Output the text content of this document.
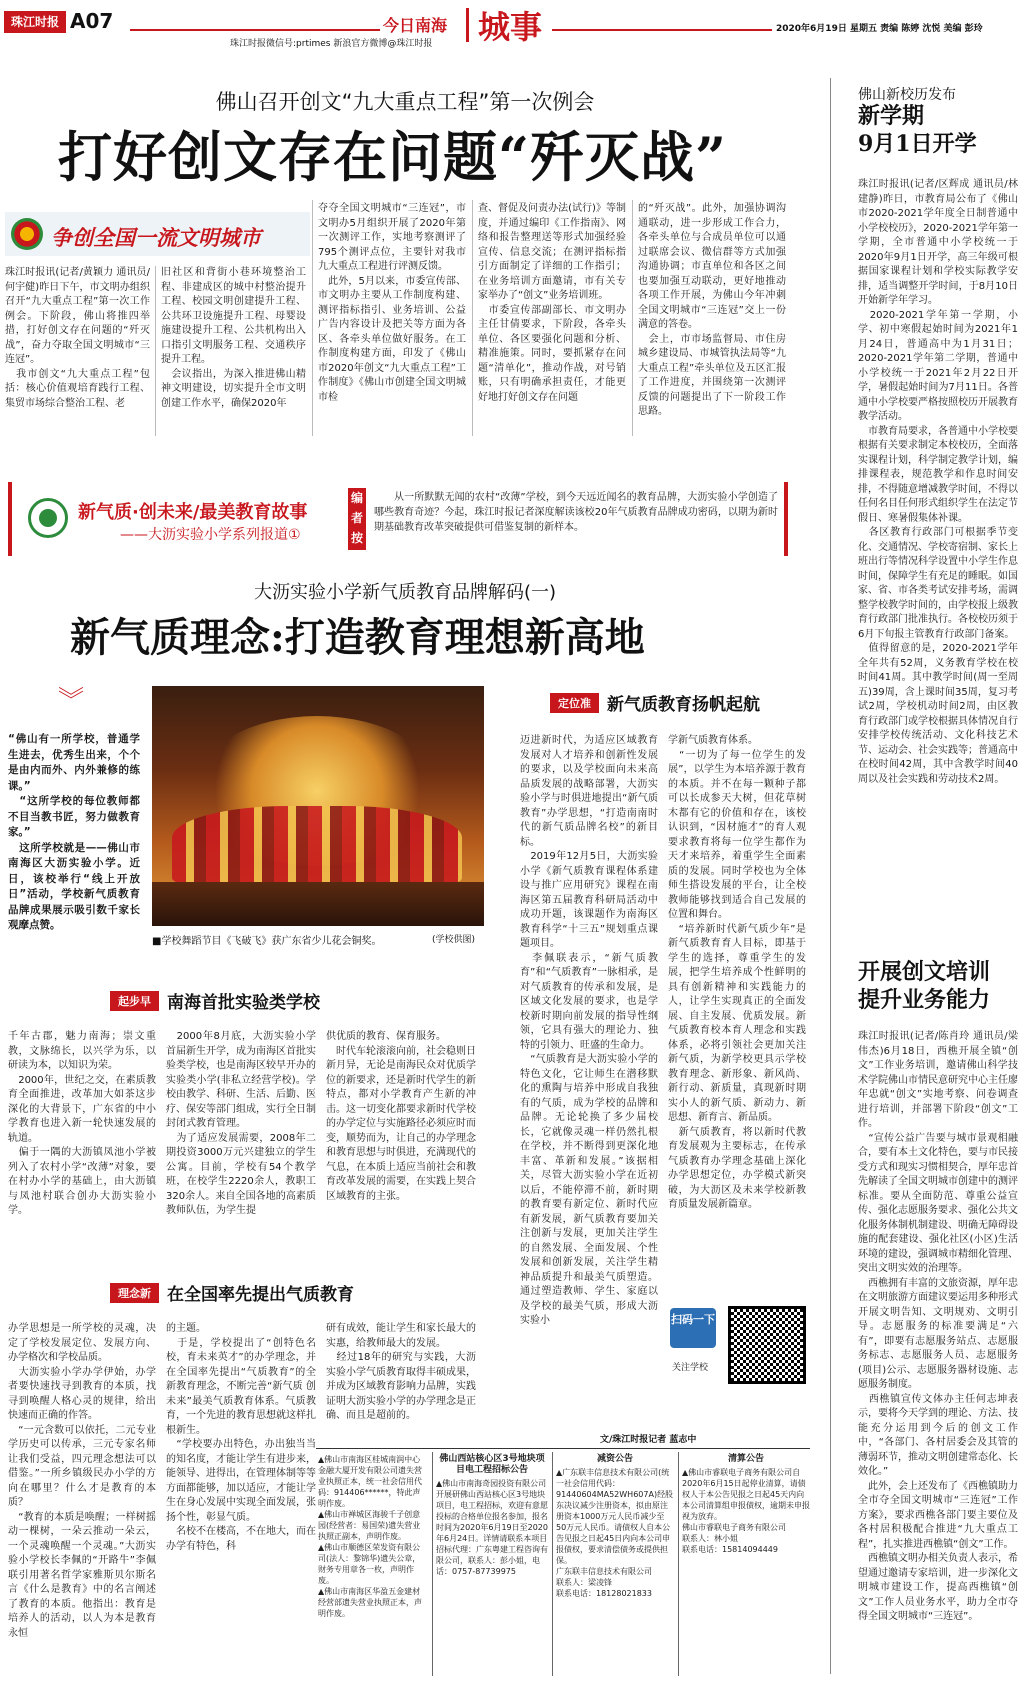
珠江时报 A07
珠江时报微信号:prtimes 新浪官方微博@珠江时报
今日南海 城事	2020年6月19日 星期五 责编 陈婷 沈悦 美编 彭玲
佛山召开创文“九大重点工程”第一次例会
打好创文存在问题“歼灭战”
争创全国一流文明城市
珠江时报讯(记者/黄颖力 通讯员/何宇健)昨日下午，市文明办组织召开“九大重点工程”第一次工作例会。下阶段，佛山将推四举措，打好创文存在问题的“歼灭战”，奋力夺取全国文明城市“三连冠”。
　我市创文“九大重点工程”包括：核心价值观培育践行工程、集贸市场综合整治工程、老
旧社区和背街小巷环境整治工程、非建成区的城中村整治提升工程、校园文明创建提升工程、公共环卫设施提升工程、母婴设施建设提升工程、公共机构出入口指引文明服务工程、交通秩序提升工程。
　会议指出，为深入推进佛山精神文明建设，切实提升全市文明创建工作水平，确保2020年
夺夺全国文明城市“三连冠”，市文明办5月组织开展了2020年第一次测评工作，实地考察测评了795个测评点位，主要针对我市九大重点工程进行评测反馈。
　此外，5月以来，市委宣传部、市文明办主要从工作制度构建、测评指标指引、业务培训、公益广告内容设计及把关等方面为各区、各牵头单位做好服务。在工作制度构建方面，印发了《佛山市2020年创文“九大重点工程”工作制度》《佛山市创建全国文明城市检
查、督促及问责办法(试行)》等制度，并通过编印《工作指南》、网络和报告整理送等形式加强经验宣传、信息交流；在测评指标指引方面制定了详细的工作指引；在业务培训方面邀请，市有关专家举办了“创文”业务培训班。
　市委宣传部副部长、市文明办主任甘倩要求，下阶段，各牵头单位、各区要强化问题和分析、精准施策。同时，要抓紧存在问题“清单化”，推动作战，对号销账，只有明确承担责任，才能更好地打好创文存在问题
的“歼灭战”。此外，加强协调沟通联动，进一步形成工作合力，各牵头单位与合成员单位可以通过联席会议、微信群等方式加强沟通协调；市直单位和各区之间也要加强互动联动，更好地推动各项工作开展，为佛山今年冲刺全国文明城市“三连冠”交上一份满意的答卷。
　会上，市市场监督局、市住房城乡建设局、市城管执法局等“九大重点工程”牵头单位及五区汇报了工作进度，并围绕第一次测评反馈的问题提出了下一阶段工作思路。
新气质·创未来/最美教育故事
——大沥实验小学系列报道①
编者按
从一所默默无闻的农村“改薄”学校，到今天远近闻名的教育品牌，大沥实验小学创造了哪些教育奇迹？今起，珠江时报记者深度解读该校20年气质教育品牌成功密码，以期为新时期基础教育改革突破提供可借鉴复制的新样本。
大沥实验小学新气质教育品牌解码(一)
新气质理念:打造教育理想新高地
︾
“佛山有一所学校，普通学生进去，优秀生出来，个个是由内而外、内外兼修的练课。”
　“这所学校的每位教师都不目当教书匠，努力做教育家。”
　这所学校就是——佛山市南海区大沥实验小学。近日，该校举行“线上开放日”活动，学校新气质教育品牌成果展示吸引数千家长观摩点赞。
■学校舞蹈节目《飞破飞》获广东省少儿花会铜奖。	(学校供图)
起步早 南海首批实验类学校
千年古郡，魅力南海；崇文重教，文脉绵长，以兴学为乐，以研读为本，以知识为荣。
　2000年，世纪之交，在素质教育全面推进，改革加大如茶这步深化的大背景下，广东省的中小学教育也进入新一轮快速发展的轨道。
　偏于一隅的大沥镇凤池小学被列入了农村小学“改薄”对象，要在村办小学的基础上，由大沥镇与凤池村联合创办大沥实验小学。
　2000年8月底，大沥实验小学首届新生开学，成为南海区首批实验类学校，也是南海区较早开办的实验类小学(非私立经营学校)。学校由教学、科研、生活、后勤、医疗、保安等部门组成，实行全日制封闭式教育管理。
　为了适应发展需要，2008年二期投资3000万元兴建独立的学生公寓。目前，学校有54个教学班，在校学生2220余人，教职工320余人。来自全国各地的高素质教师队伍，为学生提
供优质的教育、保育服务。
　时代车轮滚滚向前，社会稳则日新月异，无论是南海民众对优质学位的新要求，还是新时代学生的新特点，都对小学教育产生新的冲击。这一切变化都要求新时代学校的办学定位与实施路径必须应时而变，顺势而为，让自己的办学理念和教育思想与时俱进，充满现代的气息，在本质上适应当前社会和教育改革发展的需要，在实践上契合区域教育的主张。
理念新 在全国率先提出气质教育
办学思想是一所学校的灵魂，决定了学校发展定位、发展方向、办学格次和学校品质。
　大沥实验小学办学伊始，办学者要快速找寻到教育的本质，找寻到唤醒人格心灵的规律，给出快速而正确的作答。
　“一元含数可以依托，二元专业学历史可以传承，三元专家名师让我们受益，四元理念想法可以借鉴。”一所乡镇级民办小学的方向在哪里？什么才是教育的本质？
　“教育的本质是唤醒；一样树摇动一棵树，一朵云推动一朵云，一个灵魂唤醒一个灵魂。”大沥实验小学校长李佩的“开路牛”李佩联引用著名哲学家雅斯贝尔斯名言《什么是教育》中的名言阐述了教育的本质。他指出：教育是培养人的活动，以人为本是教育永恒
的主题。
　于是，学校提出了“创特色名校，育未来英才”的办学理念，并在全国率先提出“气质教育”的全新教育理念，不断完善“新气质 创未来”最美气质教育体系。气质教育，一个先进的教育思想就这样扎根新生。
　“学校要办出特色，办出独当当的知名度，才能让学生有进步来，能领导、进得出，在管理体制等等方面都能够，加以适应，才能让学生在身心发展中实现全面发展，张扬个性，彰显气质。
　名校不在楼高，不在地大，而在办学有特色，科
研有成效，能让学生和家长最大的实惠，给教师最大的发展。
　经过18年的研究与实践，大沥实验小学气质教育取得丰硕成果，并成为区域教育影响力品牌，实践证明大沥实验小学的办学理念是正确、而且是超前的。
定位准 新气质教育扬帆起航
迈进新时代，为适应区域教育发展对人才培养和创新性发展的要求，以及学校面向未来高品质发展的战略部署，大沥实验小学与时俱进地提出“新气质教育”办学思想，“打造南南时代的新气质品牌名校”的新目标。
　2019年12月5日，大沥实验小学《新气质教育课程体系建设与推广应用研究》课程在南海区第五届教育科研局活动中成功开题，该课题作为南海区教育科学“十三五”规划重点课题项目。
　李佩联表示，“新气质教育”和“气质教育”一脉相承，是对气质教育的传承和发展，是区域文化发展的要求，也是学校新时期向前发展的指导性纲领，它具有强大的理论力、独特的引领力、旺盛的生命力。
　“气质教育是大沥实验小学的特色文化，它让师生在潜移默化的熏陶与培养中形成自我独有的气质，成为学校的品牌和品牌。无论轮换了多少届校长，它就像灵魂一样仍然扎根在学校，并不断得到更深化地丰富、革新和发展。”该据相关，尽管大沥实验小学在近初以后，不能停滞不前，新时期的教育要有新定位、新时代应有新发展，新气质教育要加关注创新与发展，更加关注学生的自然发展、全面发展、个性发展和创新发展，关注学生精神品质提升和最美气质塑造。通过塑造教师、学生、家庭以及学校的最美气质，形成大沥实验小
学新气质教育体系。
　“一切为了每一位学生的发展”，以学生为本培养源于教育的本质。并不在每一颗种子都可以长成参天大树，但花草树木都有它的价值和存在，该校认识到，“因材施才”的育人观要求教育将每一位学生都作为天才来培养，着重学生全面素质的发展。同时学校也为全体师生搭设发展的平台，让全校教师能够找到适合自己发展的位置和舞台。
　“培养新时代新气质少年”是新气质教育育人目标，即基于学生的选择，尊重学生的发展，把学生培养成个性鲜明的具有创新精神和实践能力的人，让学生实现真正的全面发展、自主发展、优质发展。新气质教育校本育人理念和实践体系，必将引领社会更加关注新气质，为新学校更具示学校教育理念、新形象、新风尚、新行动、新质量，真现新时期实小人的新气质、新动力、新思想、新育言、新品质。
　新气质教育，将以新时代教育发展观为主要标志，在传承气质教育办学理念基础上深化办学思想定位，办学模式新突破，为大沥区及未来学校新教育质量发展新篇章。
扫码一下
关注学校
文/珠江时报记者 蓝志中
▲佛山市南海区桂城南润中心金融大厦开发有限公司遗失营业执照正本，统一社会信用代码：914406******，特此声明作废。
▲佛山市禅城区海骏千子创意园(经营者：易国荣)遗失营业执照正副本，声明作废。
▲佛山市顺德区荣发资有限公司(法人：黎锦华)遗失公章，财务专用章各一枚，声明作废。
▲佛山市南海区华盈五金建材经营部遗失营业执照正本，声明作废。
佛山西站核心区3号地块项目电工程招标公告
▲佛山市南海奇园投资有限公司开展研佛山西站核心区3号地块项目，电工程招标，欢迎有意愿投标的合格单位报名参加，报名时间为2020年6月19日至2020年6月24日。详情请联系本项目招标代理：广东粤建工程咨询有限公司，联系人：彭小姐，电话：0757-87739975
减资公告
▲广东联丰信息技术有限公司(统一社会信用代码：91440604MA52WH607A)经股东决议减少注册资本，拟由原注册资本1000万元人民币减少至50万元人民币。请债权人自本公告见报之日起45日内向本公司申报债权，要求清偿债务或提供担保。
广东联丰信息技术有限公司
联系人：梁凌锋
联系电话：18128021833
清算公告
▲佛山市睿联电子商务有限公司自2020年6月15日起停业清算，请债权人于本公告见报之日起45天内向本公司清算组申报债权，逾期未申报视为放弃。
佛山市睿联电子商务有限公司
联系人：林小姐
联系电话：15814094449
佛山新校历发布
新学期
9月1日开学
珠江时报讯(记者/区辉成 通讯员/林建静)昨日，市教育局公布了《佛山市2020-2021学年度全日制普通中小学校校历》，2020-2021学年第一学期，全市普通中小学校统一于2020年9月1日开学，高三年级可根据国家课程计划和学校实际教学安排，适当调整开学时间，于8月10日开始新学年学习。
　2020-2021学年第一学期，小学、初中寒假起始时间为2021年1月24日，普通高中为1月31日；2020-2021学年第二学期，普通中小学校统一于2021年2月22日开学，暑假起始时间为7月11日。各普通中小学校要严格按照校历开展教育教学活动。
　市教育局要求，各普通中小学校要根据有关要求制定本校校历，全面落实课程计划，科学制定教学计划，编排课程表，规范教学和作息时间安排，不得随意增减教学时间，不得以任何名目任何形式组织学生在法定节假日、寒暑假集体补课。
　各区教育行政部门可根据季节变化、交通情况、学校寄宿制、家长上班出行等情况科学设置中小学生作息时间，保障学生有充足的睡眠。如国家、省、市各类考试安排考场，需调整学校教学时间的，由学校报上级教育行政部门批准执行。各校校历须于6月下旬报主管教育行政部门备案。
　值得留意的是，2020-2021学年全年共有52周，义务教育学校在校时间41周。其中教学时间(周一至周五)39周，含上课时间35周，复习考试2周，学校机动时间2周，由区教育行政部门或学校根据具体情况自行安排学校传统活动、文化科技艺术节、运动会、社会实践等；普通高中在校时间42周，其中含教学时间40周以及社会实践和劳动技术2周。
开展创文培训
提升业务能力
珠江时报讯(记者/陈肖玲 通讯员/梁伟杰)6月18日，西樵开展全镇“创文”工作业务培训，邀请佛山科学技术学院佛山市情民意研究中心主任廖年忠就“创文”实地考察、问卷调查进行培训，并部署下阶段“创文”工作。
　“宣传公益广告要与城市景观相融合，要有本土文化特色，要与市民接受方式和现实习惯相契合，厚年忠首先解读了全国文明城市创建中的测评标准。要从全面防范、尊重公益宣传、强化志愿服务要求、强化公共文化服务体制机制建设、明确无障碍设施的配套建设、强化社区(小区)生活环境的建设，强调城市精细化管理、突出文明实效的治理等。
　西樵拥有丰富的文旅资源，厚年忠在文明旅游方面建议要运用多种形式开展文明告知、文明规劝、文明引导。志愿服务的标准要满足“六有”，即要有志愿服务站点、志愿服务标志、志愿服务人员、志愿服务(项目)公示、志愿服务器材设施、志愿服务制度。
　西樵镇宣传文体办主任何志坤表示，要将今天学到的理论、方法、技能充分运用到今后的创文工作中，“各部门、各村居委会及其管的薄弱环节，推动文明创建常态化、长效化。”
　此外，会上还发布了《西樵镇助力全市夺全国文明城市“三连冠”工作方案》，要求西樵各部门要主要位及各村居积极配合推进“九大重点工程”，扎实推进西樵镇“创文”工作。
　西樵镇文明办相关负责人表示，希望通过邀请专家培训，进一步深化文明城市建设工作，提高西樵镇“创文”工作人员业务水平，助力全市夺得全国文明城市“三连冠”。
